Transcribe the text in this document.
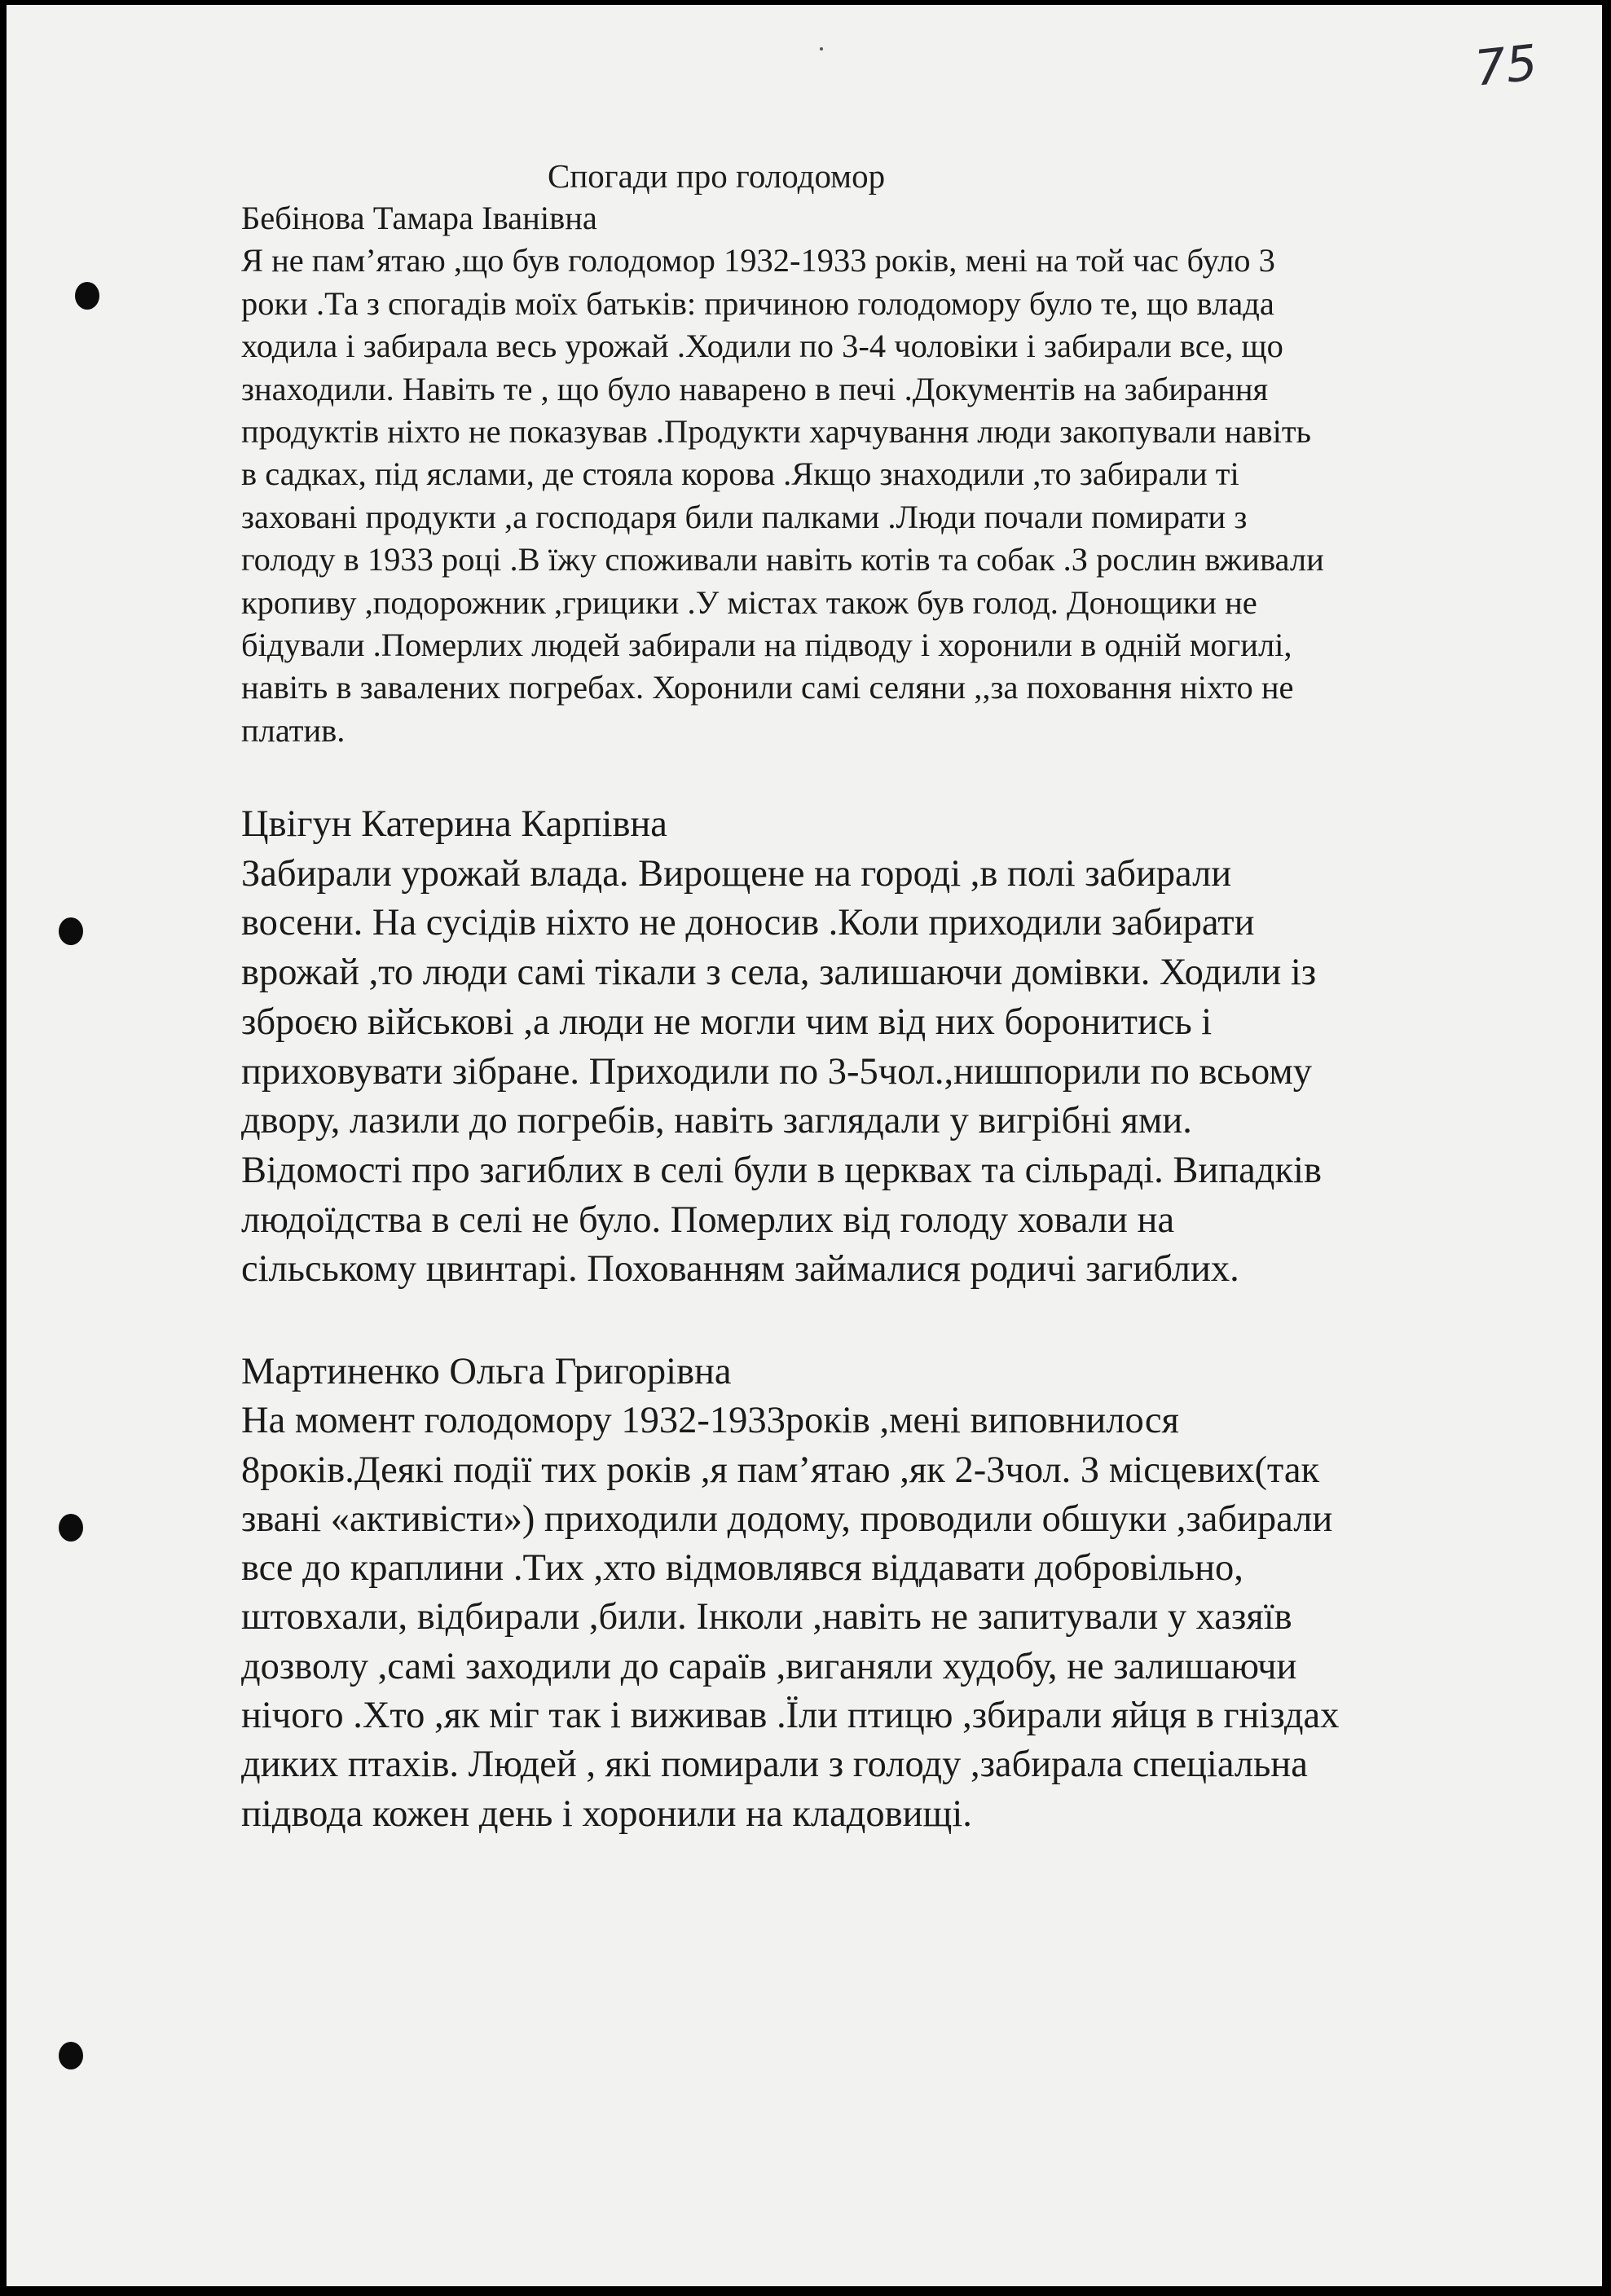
75
Спогади про голодомор
Бебінова Тамара Іванівна
Я не пам’ятаю ,що був голодомор 1932-1933 років, мені на той час було 3
роки .Та з спогадів моїх батьків: причиною голодомору було те, що влада
ходила і забирала весь урожай .Ходили по 3-4 чоловіки і забирали все, що
знаходили. Навіть те , що було наварено в печі .Документів на забирання
продуктів ніхто не показував .Продукти харчування люди закопували навіть
в садках, під яслами, де стояла корова .Якщо знаходили ,то забирали ті
заховані продукти ,а господаря били палками .Люди почали помирати з
голоду в 1933 році .В їжу споживали навіть котів та собак .З рослин вживали
кропиву ,подорожник ,грицики .У містах також був голод. Донощики не
бідували .Померлих людей забирали на підводу і хоронили в одній могилі,
навіть в завалених погребах. Хоронили самі селяни ,,за поховання ніхто не
платив.
Цвігун Катерина Карпівна
Забирали урожай влада. Вирощене на городі ,в полі забирали
восени. На сусідів ніхто не доносив .Коли приходили забирати
врожай ,то люди самі тікали з села, залишаючи домівки. Ходили із
зброєю військові ,а люди не могли чим від них боронитись і
приховувати зібране. Приходили по 3-5чол.,нишпорили по всьому
двору, лазили до погребів, навіть заглядали у вигрібні ями.
Відомості про загиблих в селі були в церквах та сільраді. Випадків
людоїдства в селі не було. Померлих від голоду ховали на
сільському цвинтарі. Похованням займалися родичі загиблих.
Мартиненко Ольга Григорівна
На момент голодомору 1932-1933років ,мені виповнилося
8років.Деякі події тих років ,я пам’ятаю ,як 2-3чол. З місцевих(так
звані «активісти») приходили додому, проводили обшуки ,забирали
все до краплини .Тих ,хто відмовлявся віддавати добровільно,
штовхали, відбирали ,били. Інколи ,навіть не запитували у хазяїв
дозволу ,самі заходили до сараїв ,виганяли худобу, не залишаючи
нічого .Хто ,як міг так і виживав .Їли птицю ,збирали яйця в гніздах
диких птахів. Людей , які помирали з голоду ,забирала спеціальна
підвода кожен день і хоронили на кладовищі.
